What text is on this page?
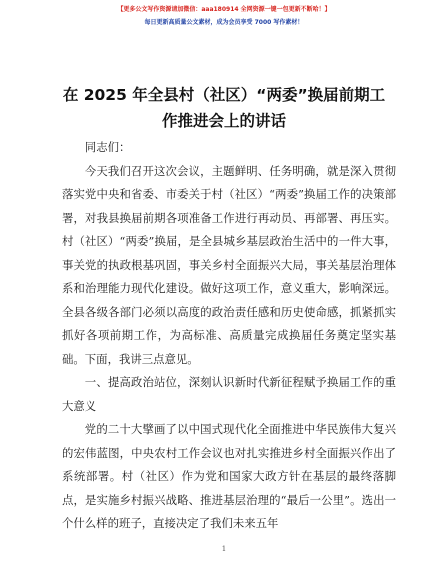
【更多公文写作资源请加微信：aaa180914 全网资源一键一包更新不断哈！】
每日更新高质量公文素材，成为会员享受 7000 写作素材！
在 2025 年全县村（社区）“两委”换届前期工作推进会上的讲话

同志们：

今天我们召开这次会议，主题鲜明、任务明确，就是深入贯彻落实党中央和省委、市委关于村（社区）“两委”换届工作的决策部署，对我县换届前期各项准备工作进行再动员、再部署、再压实。村（社区）“两委”换届，是全县城乡基层政治生活中的一件大事，事关党的执政根基巩固，事关乡村全面振兴大局，事关基层治理体系和治理能力现代化建设。做好这项工作，意义重大，影响深远。全县各级各部门必须以高度的政治责任感和历史使命感，抓紧抓实抓好各项前期工作，为高标准、高质量完成换届任务奠定坚实基础。下面，我讲三点意见。

一、提高政治站位，深刻认识新时代新征程赋予换届工作的重大意义

党的二十大擘画了以中国式现代化全面推进中华民族伟大复兴的宏伟蓝图，中央农村工作会议也对扎实推进乡村全面振兴作出了系统部署。村（社区）作为党和国家大政方针在基层的最终落脚点，是实施乡村振兴战略、推进基层治理的“最后一公里”。选出一个什么样的班子，直接决定了我们未来五年

1
